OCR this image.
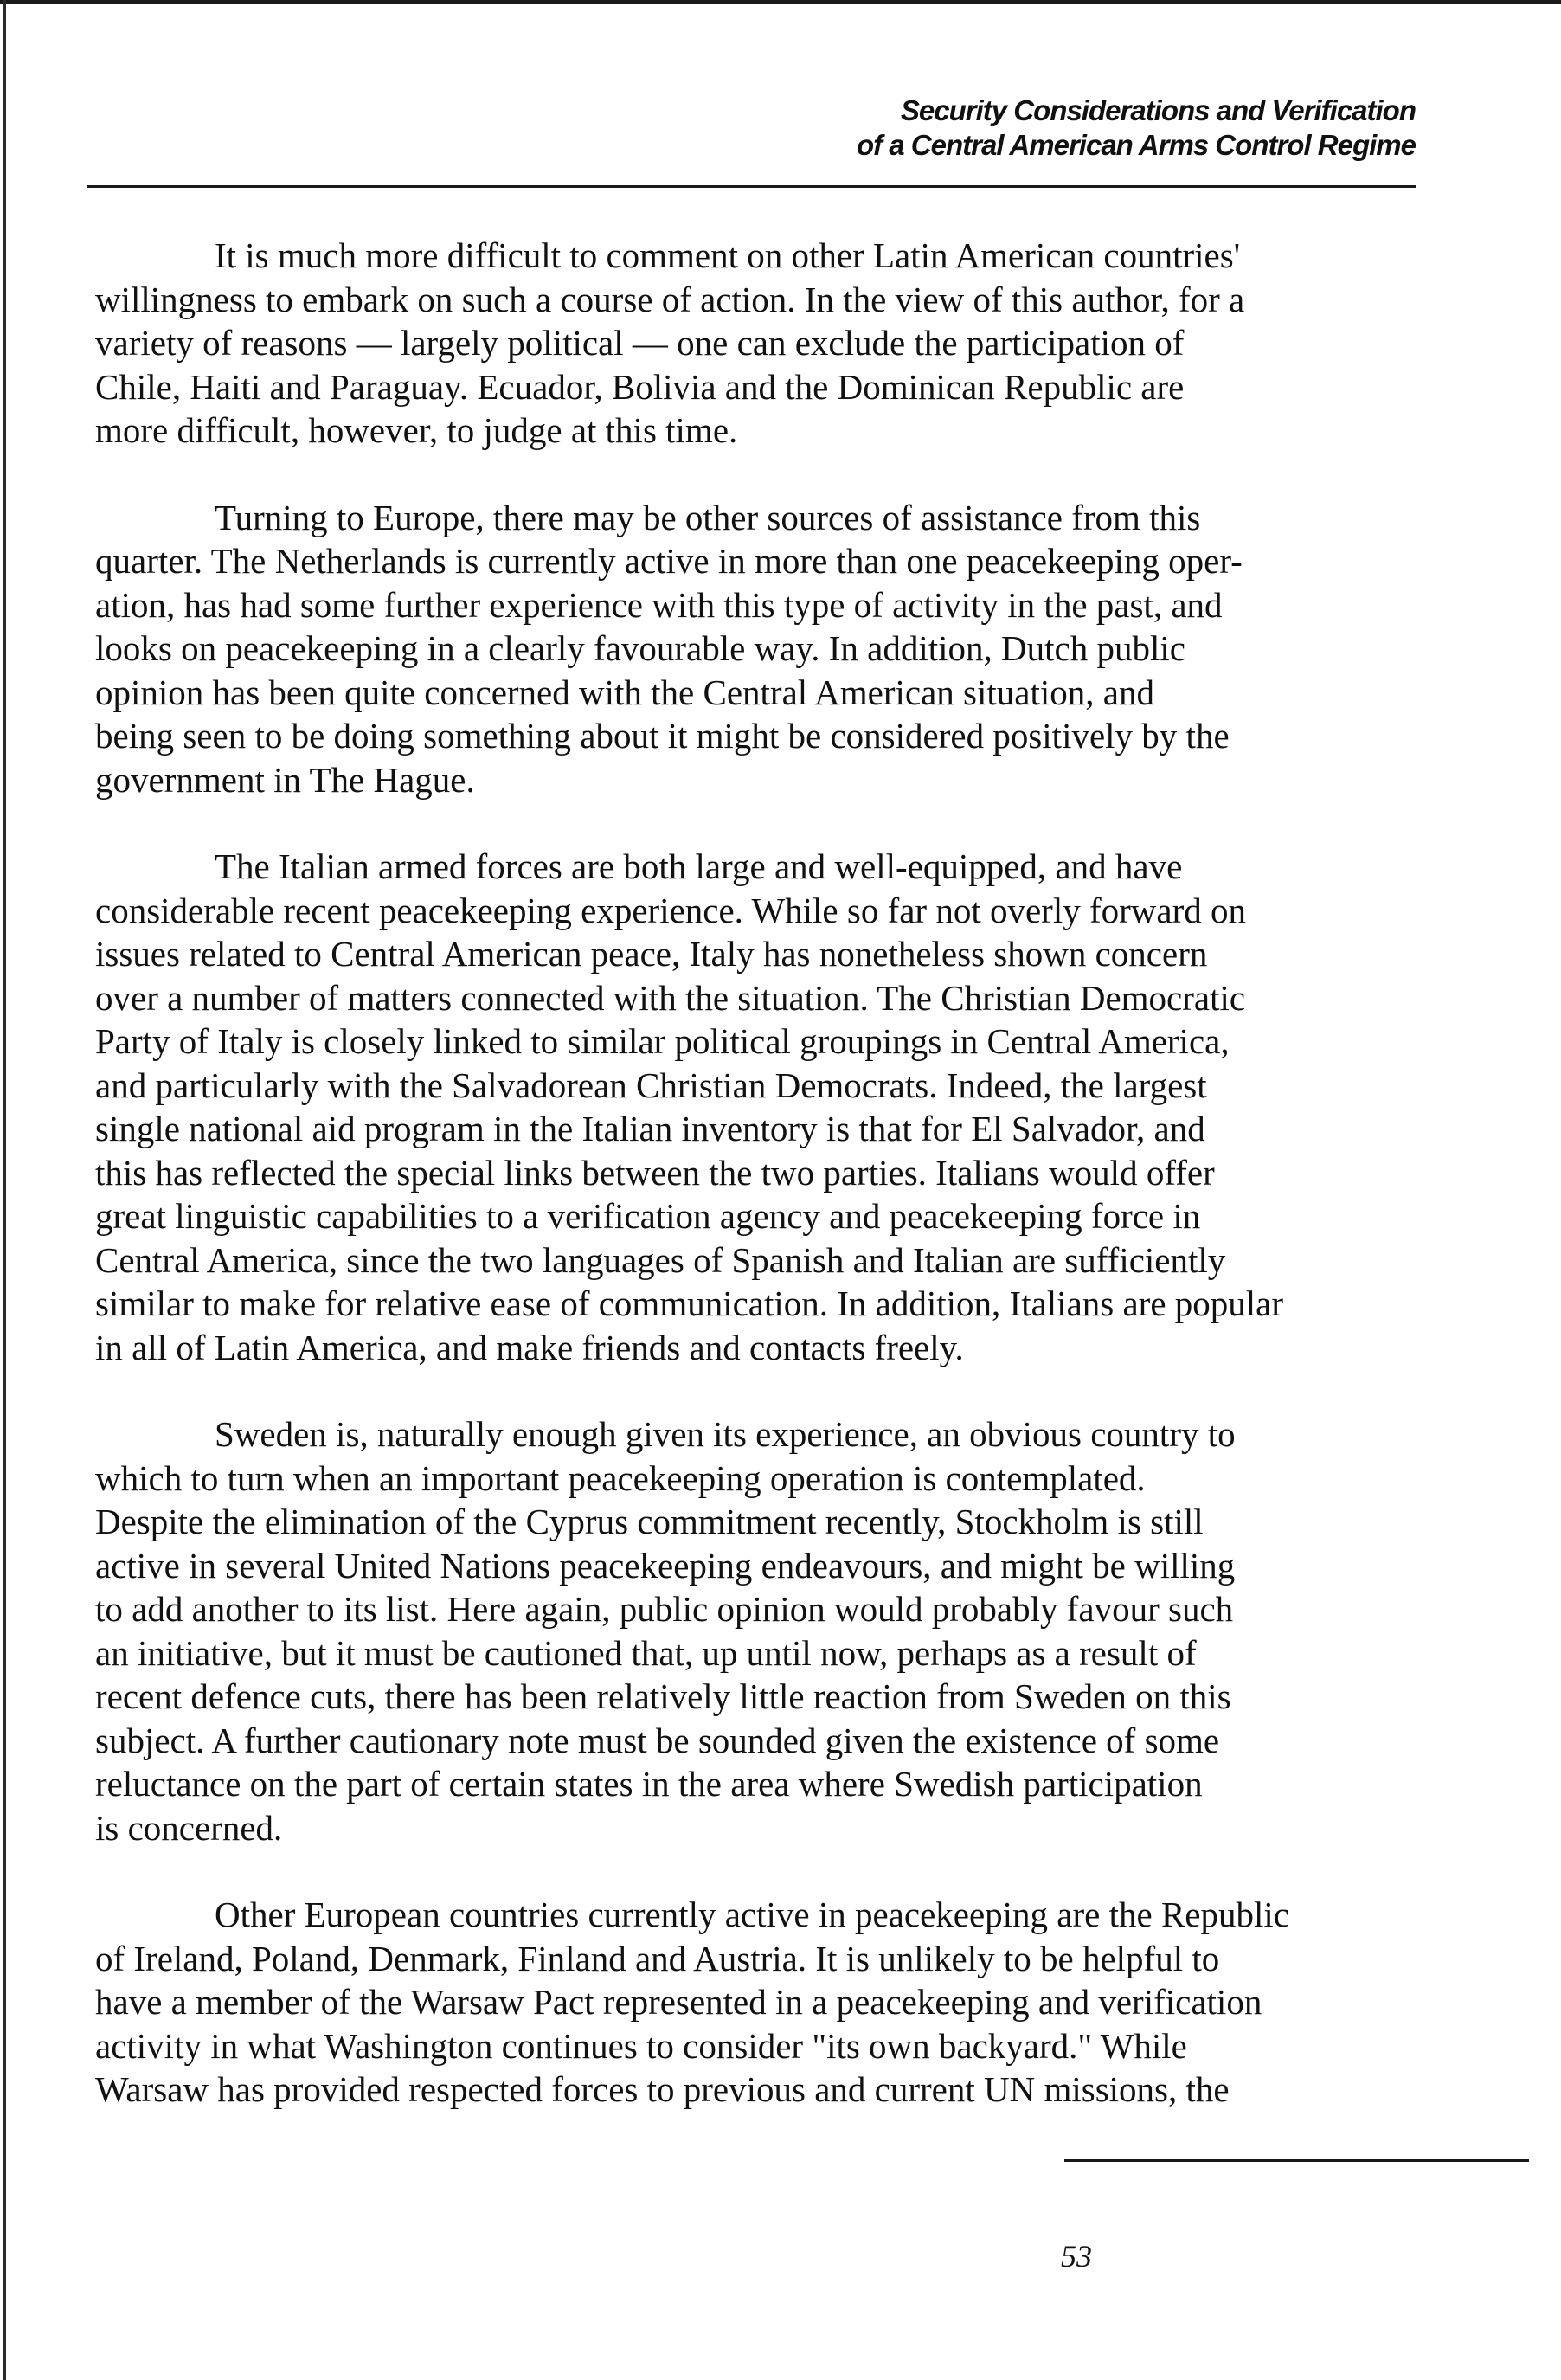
Security Considerations and Verification
of a Central American Arms Control Regime

It is much more difficult to comment on other Latin American countries'
willingness to embark on such a course of action. In the view of this author, for a
variety of reasons — largely political — one can exclude the participation of
Chile, Haiti and Paraguay. Ecuador, Bolivia and the Dominican Republic are
more difficult, however, to judge at this time.

Turning to Europe, there may be other sources of assistance from this
quarter. The Netherlands is currently active in more than one peacekeeping oper-
ation, has had some further experience with this type of activity in the past, and
looks on peacekeeping in a clearly favourable way. In addition, Dutch public
opinion has been quite concerned with the Central American situation, and
being seen to be doing something about it might be considered positively by the
government in The Hague.

The Italian armed forces are both large and well-equipped, and have
considerable recent peacekeeping experience. While so far not overly forward on
issues related to Central American peace, Italy has nonetheless shown concern
over a number of matters connected with the situation. The Christian Democratic
Party of Italy is closely linked to similar political groupings in Central America,
and particularly with the Salvadorean Christian Democrats. Indeed, the largest
single national aid program in the Italian inventory is that for El Salvador, and
this has reflected the special links between the two parties. Italians would offer
great linguistic capabilities to a verification agency and peacekeeping force in
Central America, since the two languages of Spanish and Italian are sufficiently
similar to make for relative ease of communication. In addition, Italians are popular
in all of Latin America, and make friends and contacts freely.

Sweden is, naturally enough given its experience, an obvious country to
which to turn when an important peacekeeping operation is contemplated.
Despite the elimination of the Cyprus commitment recently, Stockholm is still
active in several United Nations peacekeeping endeavours, and might be willing
to add another to its list. Here again, public opinion would probably favour such
an initiative, but it must be cautioned that, up until now, perhaps as a result of
recent defence cuts, there has been relatively little reaction from Sweden on this
subject. A further cautionary note must be sounded given the existence of some
reluctance on the part of certain states in the area where Swedish participation
is concerned.

Other European countries currently active in peacekeeping are the Republic
of Ireland, Poland, Denmark, Finland and Austria. It is unlikely to be helpful to
have a member of the Warsaw Pact represented in a peacekeeping and verification
activity in what Washington continues to consider "its own backyard." While
Warsaw has provided respected forces to previous and current UN missions, the

53
